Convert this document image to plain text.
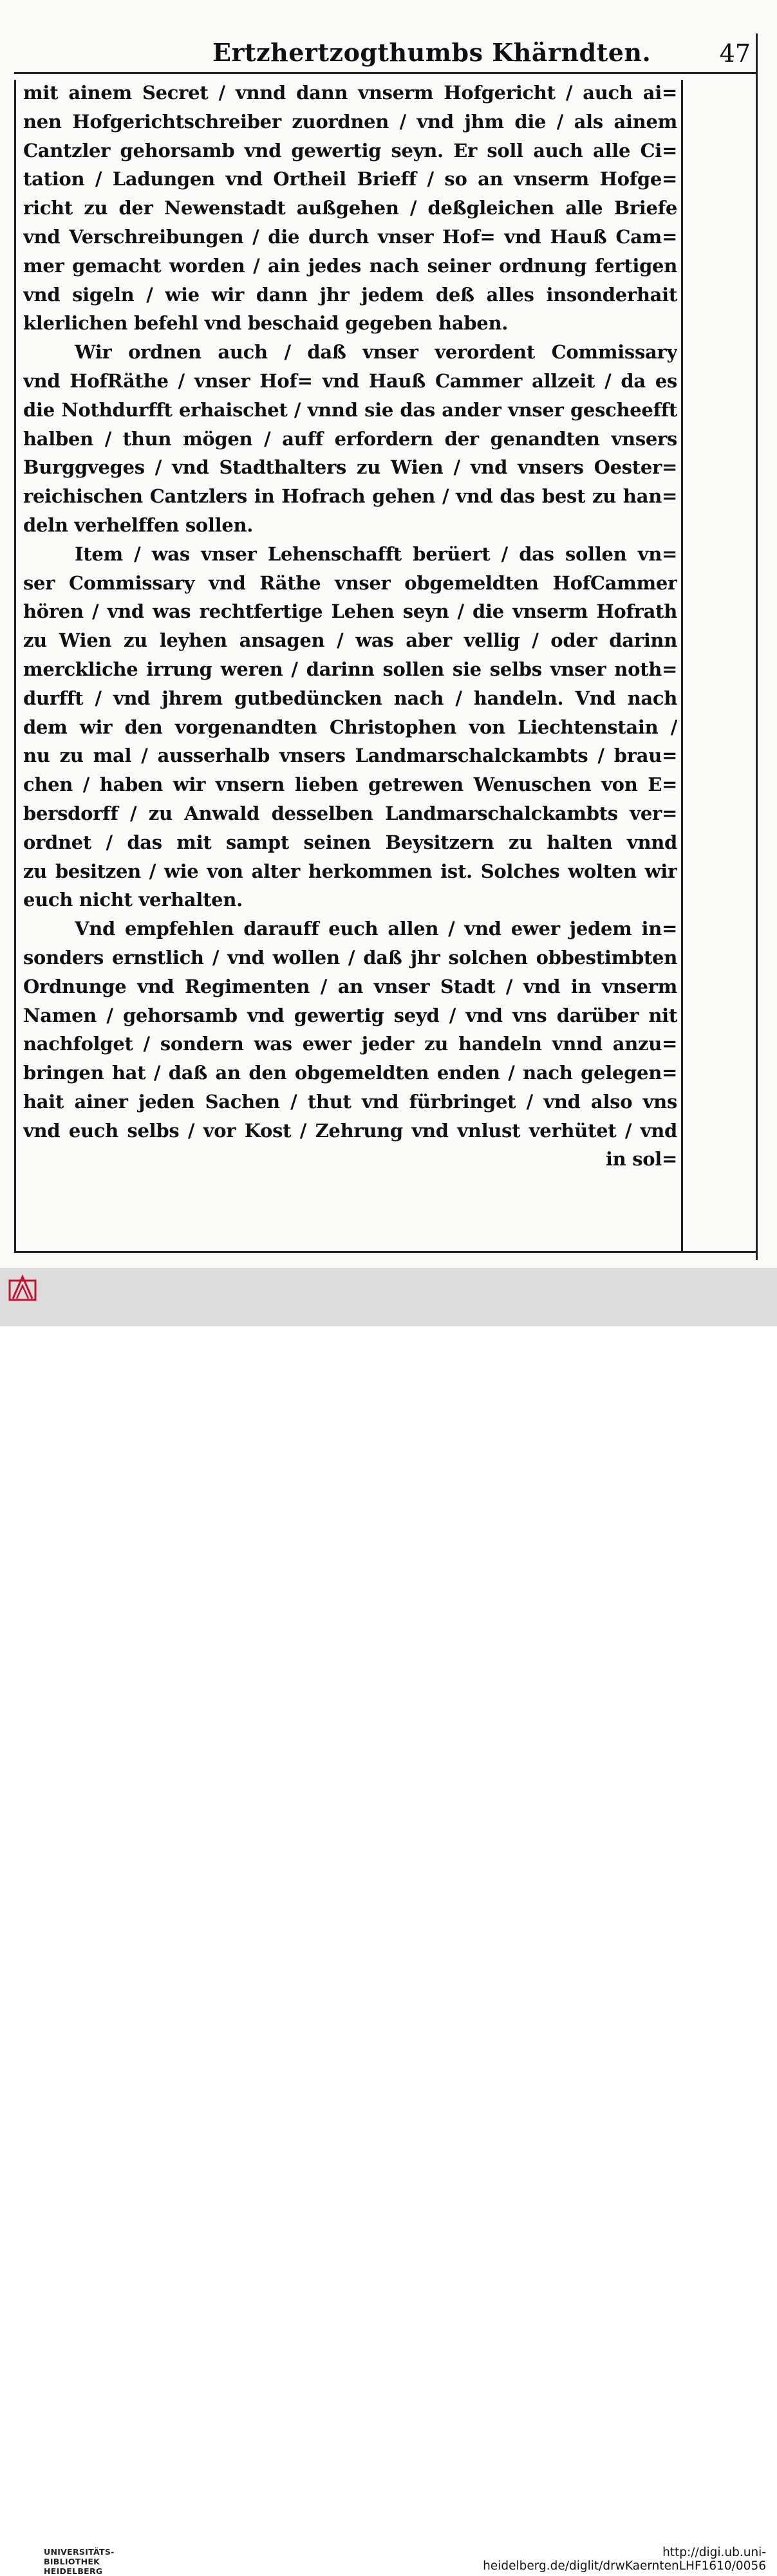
Ertzhertzogthumbs Khärndten.	47
mit ainem Secret / vnnd dann vnserm Hofgericht / auch ai=
nen Hofgerichtschreiber zuordnen / vnd jhm die / als ainem
Cantzler gehorsamb vnd gewertig seyn. Er soll auch alle Ci=
tation / Ladungen vnd Ortheil Brieff / so an vnserm Hofge=
richt zu der Newenstadt außgehen / deßgleichen alle Briefe
vnd Verschreibungen / die durch vnser Hof= vnd Hauß Cam=
mer gemacht worden / ain jedes nach seiner ordnung fertigen
vnd sigeln / wie wir dann jhr jedem deß alles insonderhait
klerlichen befehl vnd beschaid gegeben haben.
Wir ordnen auch / daß vnser verordent Commissary
vnd HofRäthe / vnser Hof= vnd Hauß Cammer allzeit / da es
die Nothdurfft erhaischet / vnnd sie das ander vnser gescheefft
halben / thun mögen / auff erfordern der genandten vnsers
Burggveges / vnd Stadthalters zu Wien / vnd vnsers Oester=
reichischen Cantzlers in Hofrach gehen / vnd das best zu han=
deln verhelffen sollen.
Item / was vnser Lehenschafft berüert / das sollen vn=
ser Commissary vnd Räthe vnser obgemeldten HofCammer
hören / vnd was rechtfertige Lehen seyn / die vnserm Hofrath
zu Wien zu leyhen ansagen / was aber vellig / oder darinn
merckliche irrung weren / darinn sollen sie selbs vnser noth=
durfft / vnd jhrem gutbedüncken nach / handeln. Vnd nach
dem wir den vorgenandten Christophen von Liechtenstain /
nu zu mal / ausserhalb vnsers Landmarschalckambts / brau=
chen / haben wir vnsern lieben getrewen Wenuschen von E=
bersdorff / zu Anwald desselben Landmarschalckambts ver=
ordnet / das mit sampt seinen Beysitzern zu halten vnnd
zu besitzen / wie von alter herkommen ist. Solches wolten wir
euch nicht verhalten.
Vnd empfehlen darauff euch allen / vnd ewer jedem in=
sonders ernstlich / vnd wollen / daß jhr solchen obbestimbten
Ordnunge vnd Regimenten / an vnser Stadt / vnd in vnserm
Namen / gehorsamb vnd gewertig seyd / vnd vns darüber nit
nachfolget / sondern was ewer jeder zu handeln vnnd anzu=
bringen hat / daß an den obgemeldten enden / nach gelegen=
hait ainer jeden Sachen / thut vnd fürbringet / vnd also vns
vnd euch selbs / vor Kost / Zehrung vnd vnlust verhütet / vnd
in sol=
UNIVERSITÄTS-
BIBLIOTHEK
HEIDELBERG
http://digi.ub.uni-heidelberg.de/diglit/drwKaerntenLHF1610/0056
